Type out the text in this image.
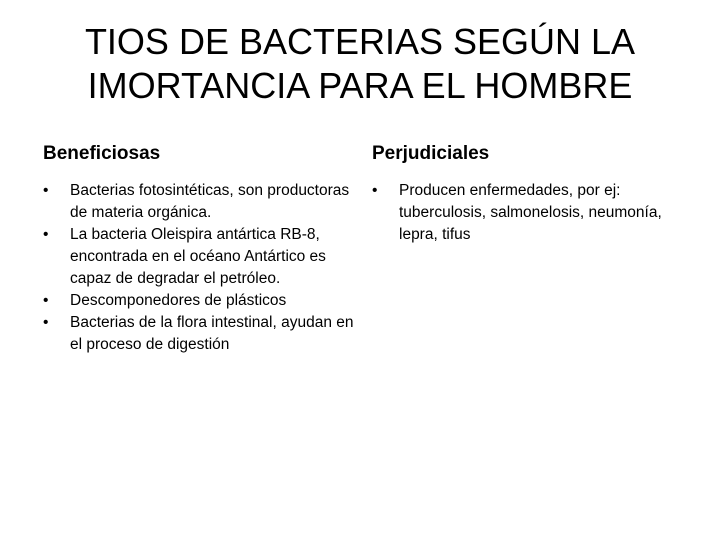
TIOS DE BACTERIAS SEGÚN LA
IMORTANCIA PARA EL HOMBRE
Beneficiosas
•	Bacterias fotosintéticas, son productoras de materia orgánica.
•	La bacteria Oleispira antártica RB-8, encontrada en el océano Antártico es capaz de degradar el petróleo.
•	Descomponedores de plásticos
•	Bacterias de la flora intestinal, ayudan en el proceso de digestión
Perjudiciales
•	Producen enfermedades, por ej: tuberculosis, salmonelosis, neumonía, lepra, tifus
